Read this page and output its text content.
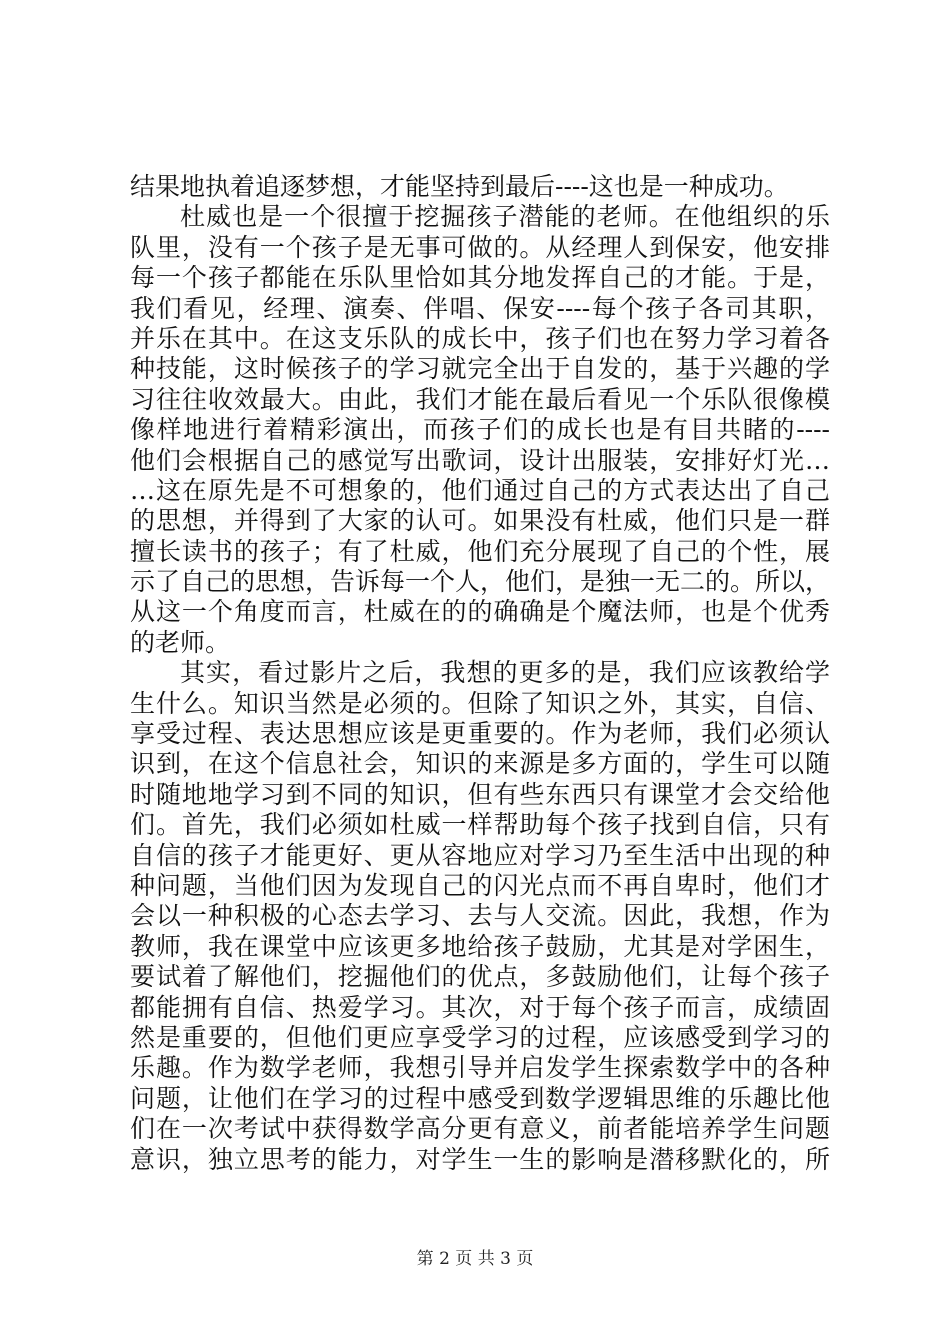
结果地执着追逐梦想，才能坚持到最后----这也是一种成功。
杜威也是一个很擅于挖掘孩子潜能的老师。在他组织的乐
队里，没有一个孩子是无事可做的。从经理人到保安，他安排
每一个孩子都能在乐队里恰如其分地发挥自己的才能。于是，
我们看见，经理、演奏、伴唱、保安----每个孩子各司其职，
并乐在其中。在这支乐队的成长中，孩子们也在努力学习着各
种技能，这时候孩子的学习就完全出于自发的，基于兴趣的学
习往往收效最大。由此，我们才能在最后看见一个乐队很像模
像样地进行着精彩演出，而孩子们的成长也是有目共睹的----
他们会根据自己的感觉写出歌词，设计出服装，安排好灯光…
…这在原先是不可想象的，他们通过自己的方式表达出了自己
的思想，并得到了大家的认可。如果没有杜威，他们只是一群
擅长读书的孩子；有了杜威，他们充分展现了自己的个性，展
示了自己的思想，告诉每一个人，他们，是独一无二的。所以，
从这一个角度而言，杜威在的的确确是个魔法师，也是个优秀
的老师。
其实，看过影片之后，我想的更多的是，我们应该教给学
生什么。知识当然是必须的。但除了知识之外，其实，自信、
享受过程、表达思想应该是更重要的。作为老师，我们必须认
识到，在这个信息社会，知识的来源是多方面的，学生可以随
时随地地学习到不同的知识，但有些东西只有课堂才会交给他
们。首先，我们必须如杜威一样帮助每个孩子找到自信，只有
自信的孩子才能更好、更从容地应对学习乃至生活中出现的种
种问题，当他们因为发现自己的闪光点而不再自卑时，他们才
会以一种积极的心态去学习、去与人交流。因此，我想，作为
教师，我在课堂中应该更多地给孩子鼓励，尤其是对学困生，
要试着了解他们，挖掘他们的优点，多鼓励他们，让每个孩子
都能拥有自信、热爱学习。其次，对于每个孩子而言，成绩固
然是重要的，但他们更应享受学习的过程，应该感受到学习的
乐趣。作为数学老师，我想引导并启发学生探索数学中的各种
问题，让他们在学习的过程中感受到数学逻辑思维的乐趣比他
们在一次考试中获得数学高分更有意义，前者能培养学生问题
意识，独立思考的能力，对学生一生的影响是潜移默化的，所
第 2 页 共 3 页
